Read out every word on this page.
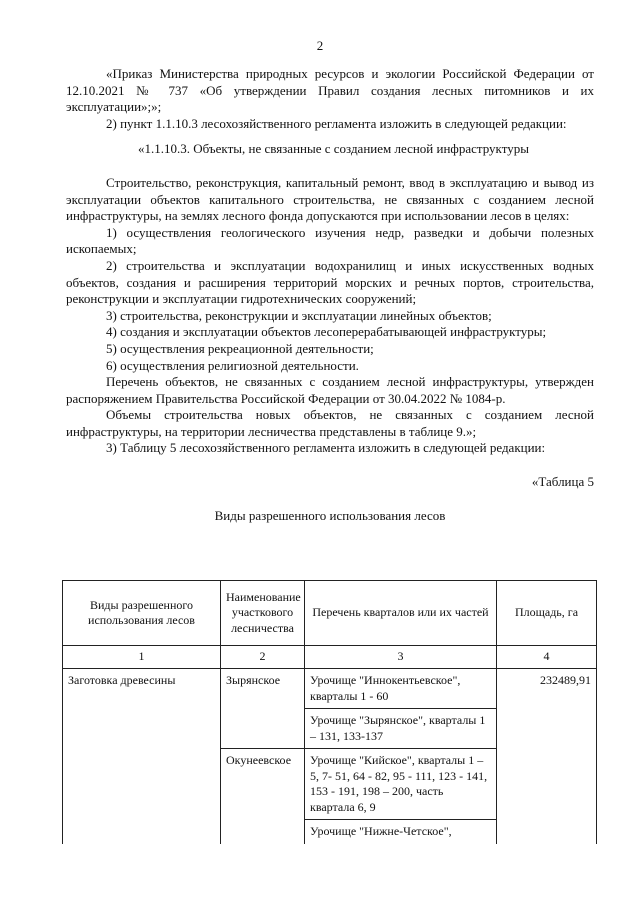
2

«Приказ Министерства природных ресурсов и экологии Российской Федерации от 12.10.2021 № 737 «Об утверждении Правил создания лесных питомников и их эксплуатации»;»;

2) пункт 1.1.10.3 лесохозяйственного регламента изложить в следующей редакции:

«1.1.10.3. Объекты, не связанные с созданием лесной инфраструктуры

Строительство, реконструкция, капитальный ремонт, ввод в эксплуатацию и вывод из эксплуатации объектов капитального строительства, не связанных с созданием лесной инфраструктуры, на землях лесного фонда допускаются при использовании лесов в целях:

1) осуществления геологического изучения недр, разведки и добычи полезных ископаемых;

2) строительства и эксплуатации водохранилищ и иных искусственных водных объектов, создания и расширения территорий морских и речных портов, строительства, реконструкции и эксплуатации гидротехнических сооружений;

3) строительства, реконструкции и эксплуатации линейных объектов;

4) создания и эксплуатации объектов лесоперерабатывающей инфраструктуры;

5) осуществления рекреационной деятельности;

6) осуществления религиозной деятельности.

Перечень объектов, не связанных с созданием лесной инфраструктуры, утвержден распоряжением Правительства Российской Федерации от 30.04.2022 № 1084-р.

Объемы строительства новых объектов, не связанных с созданием лесной инфраструктуры, на территории лесничества представлены в таблице 9.»;

3) Таблицу 5 лесохозяйственного регламента изложить в следующей редакции:

«Таблица 5

Виды разрешенного использования лесов

Виды разрешенного использования лесов	Наименование участкового лесничества	Перечень кварталов или их частей	Площадь, га
1	2	3	4
Заготовка древесины	Зырянское	Урочище "Иннокентьевское", кварталы 1 - 60	232489,91
		Урочище "Зырянское", кварталы 1 – 131, 133-137	
	Окунеевское	Урочище "Кийское", кварталы 1 – 5, 7- 51, 64 - 82, 95 - 111, 123 - 141, 153 - 191, 198 – 200, часть квартала 6, 9	
		Урочище "Нижне-Четское",	
